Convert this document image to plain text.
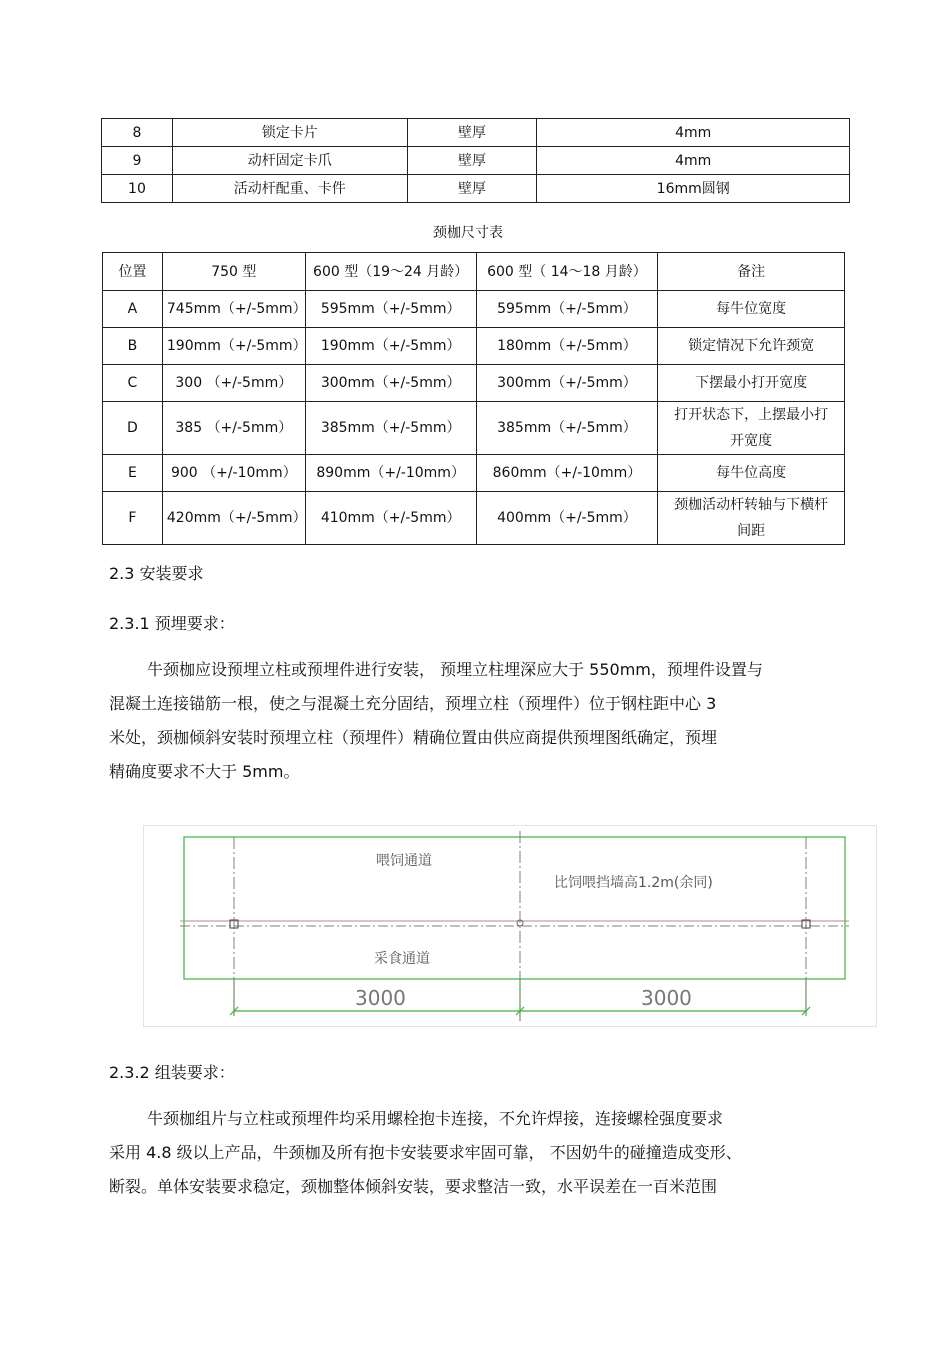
8	锁定卡片	壁厚	4mm
9	动杆固定卡爪	壁厚	4mm
10	活动杆配重、卡件	壁厚	16mm圆钢
颈枷尺寸表
位置	750 型	600 型（19～24 月龄）	600 型（ 14～18 月龄）	备注
A	745mm（+/-5mm）	595mm（+/-5mm）	595mm（+/-5mm）	每牛位宽度
B	190mm（+/-5mm）	190mm（+/-5mm）	180mm（+/-5mm）	锁定情况下允许颈宽
C	300 （+/-5mm）	300mm（+/-5mm）	300mm（+/-5mm）	下摆最小打开宽度
D	385 （+/-5mm）	385mm（+/-5mm）	385mm（+/-5mm）	打开状态下，上摆最小打开宽度
E	900 （+/-10mm）	890mm（+/-10mm）	860mm（+/-10mm）	每牛位高度
F	420mm（+/-5mm）	410mm（+/-5mm）	400mm（+/-5mm）	颈枷活动杆转轴与下横杆间距
2.3 安装要求
2.3.1 预埋要求：
牛颈枷应设预埋立柱或预埋件进行安装， 预埋立柱埋深应大于 550mm，预埋件设置与
混凝土连接锚筋一根，使之与混凝土充分固结，预埋立柱（预埋件）位于钢柱距中心 3
米处，颈枷倾斜安装时预埋立柱（预埋件）精确位置由供应商提供预埋图纸确定，预埋
精确度要求不大于 5mm。
喂饲通道
采食通道
比饲喂挡墙高1.2m(余同)
3000	3000
2.3.2 组装要求：
牛颈枷组片与立柱或预埋件均采用螺栓抱卡连接，不允许焊接，连接螺栓强度要求
采用 4.8 级以上产品，牛颈枷及所有抱卡安装要求牢固可靠， 不因奶牛的碰撞造成变形、
断裂。单体安装要求稳定，颈枷整体倾斜安装，要求整洁一致，水平误差在一百米范围
